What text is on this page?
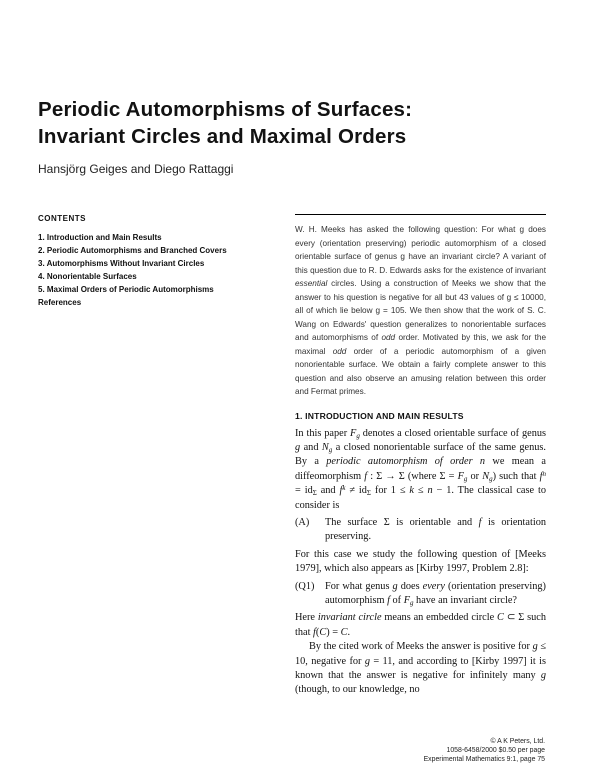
Periodic Automorphisms of Surfaces:
Invariant Circles and Maximal Orders
Hansjörg Geiges and Diego Rattaggi
CONTENTS
1. Introduction and Main Results
2. Periodic Automorphisms and Branched Covers
3. Automorphisms Without Invariant Circles
4. Nonorientable Surfaces
5. Maximal Orders of Periodic Automorphisms
References

W. H. Meeks has asked the following question: For what g does every (orientation preserving) periodic automorphism of a closed orientable surface of genus g have an invariant circle? A variant of this question due to R. D. Edwards asks for the existence of invariant essential circles. Using a construction of Meeks we show that the answer to his question is negative for all but 43 values of g ≤ 10000, all of which lie below g = 105. We then show that the work of S. C. Wang on Edwards' question generalizes to nonorientable surfaces and automorphisms of odd order. Motivated by this, we ask for the maximal odd order of a periodic automorphism of a given nonorientable surface. We obtain a fairly complete answer to this question and also observe an amusing relation between this order and Fermat primes.

1. INTRODUCTION AND MAIN RESULTS

In this paper $F_g$ denotes a closed orientable surface of genus g and $N_g$ a closed nonorientable surface of the same genus. By a periodic automorphism of order n we mean a diffeomorphism f : Σ → Σ (where $\Sigma = F_g$ or $N_g$) such that $f^n = id_\Sigma$ and $f^k \ne id_\Sigma$ for 1 ≤ k ≤ n − 1. The classical case to consider is

(A)	The surface Σ is orientable and f is orientation preserving.

For this case we study the following question of [Meeks 1979], which also appears as [Kirby 1997, Problem 2.8]:

(Q1)	For what genus g does every (orientation preserving) automorphism f of $F_g$ have an invariant circle?

Here invariant circle means an embedded circle C ⊂ Σ such that f(C) = C.

By the cited work of Meeks the answer is positive for g ≤ 10, negative for g = 11, and according to [Kirby 1997] it is known that the answer is negative for infinitely many g (though, to our knowledge, no

© A K Peters, Ltd.
1058-6458/2000 $0.50 per page
Experimental Mathematics 9:1, page 75
